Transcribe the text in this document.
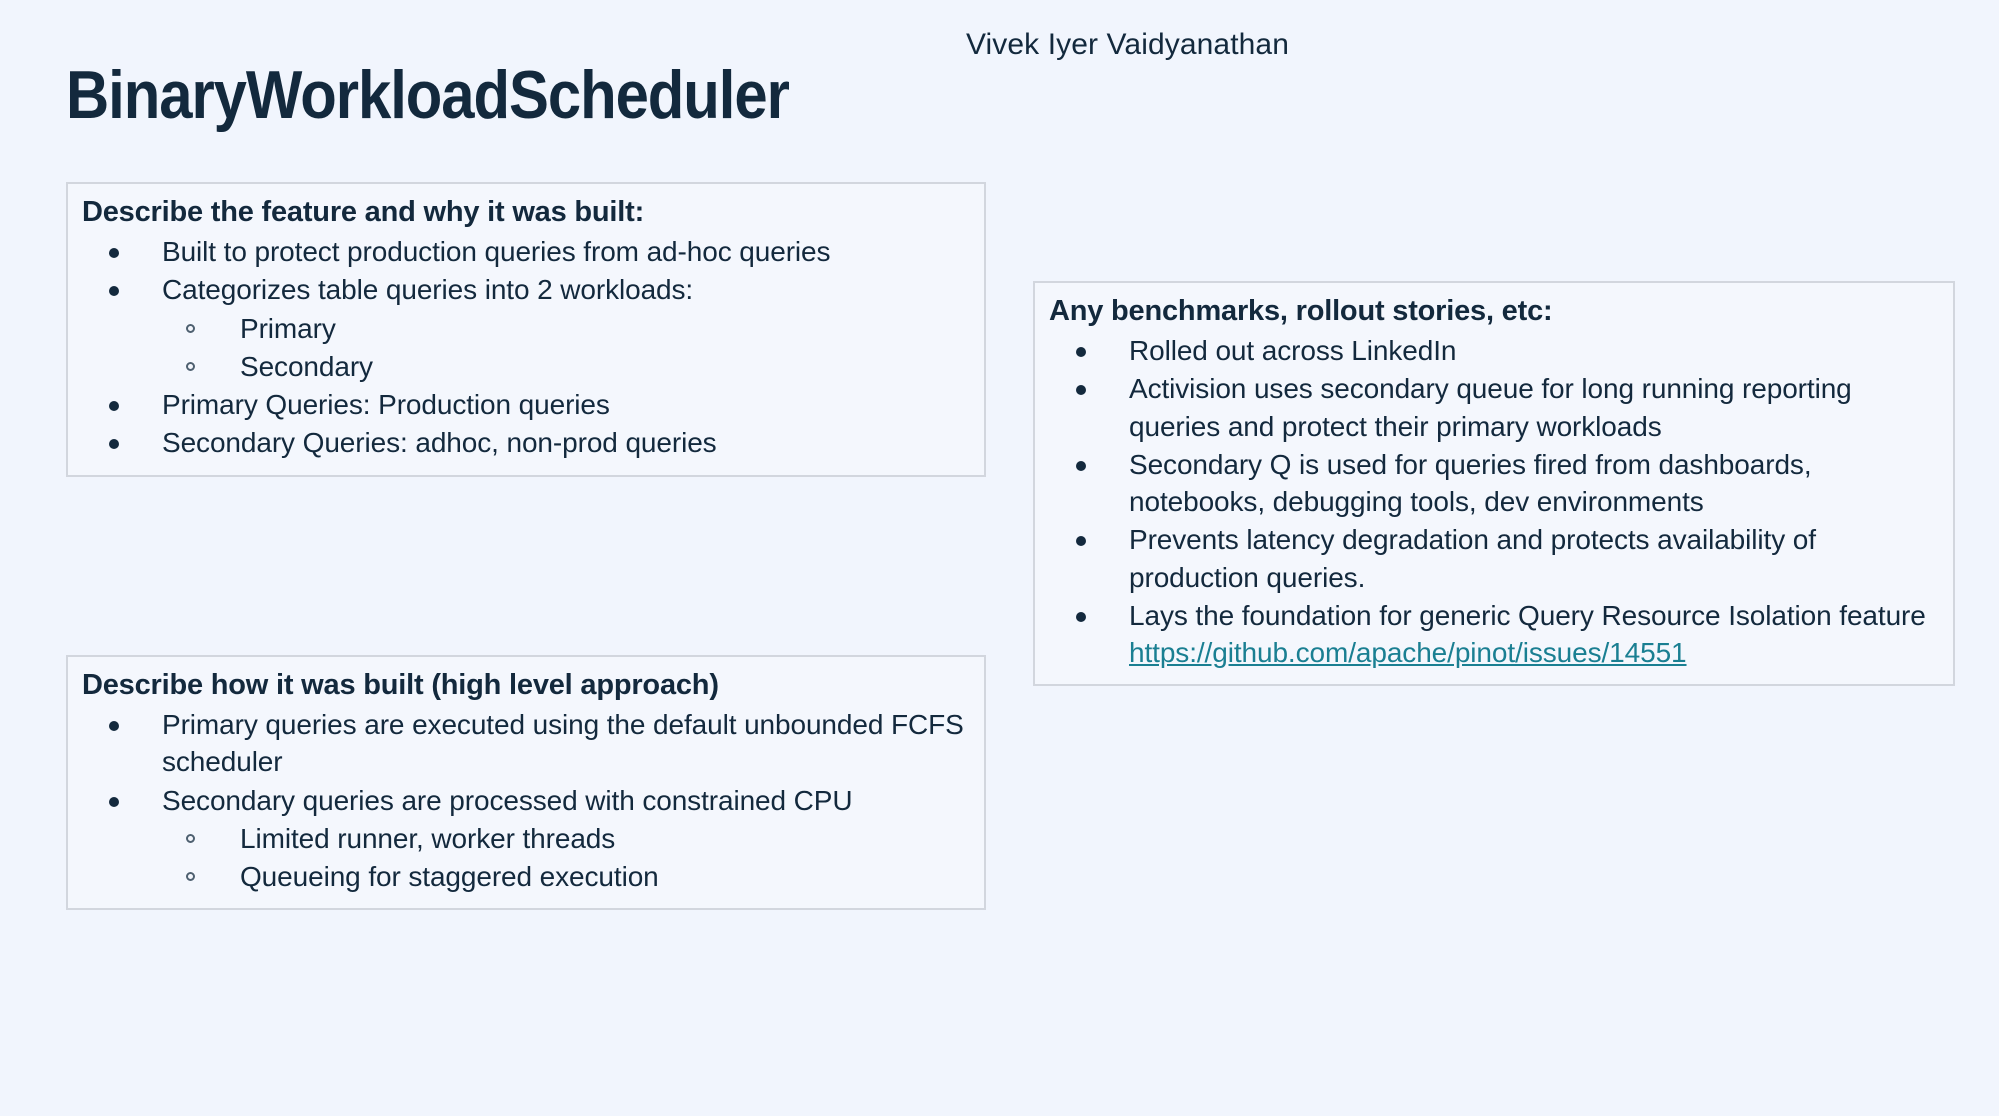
Vivek Iyer Vaidyanathan
BinaryWorkloadScheduler
Describe the feature and why it was built:
Built to protect production queries from ad-hoc queries
Categorizes table queries into 2 workloads:
Primary
Secondary
Primary Queries: Production queries
Secondary Queries: adhoc, non-prod queries
Describe how it was built (high level approach)
Primary queries are executed using the default unbounded FCFS scheduler
Secondary queries are processed with constrained CPU
Limited runner, worker threads
Queueing for staggered execution
Any benchmarks, rollout stories, etc:
Rolled out across LinkedIn
Activision uses secondary queue for long running reporting queries and protect their primary workloads
Secondary Q is used for queries fired from dashboards, notebooks, debugging tools, dev environments
Prevents latency degradation and protects availability of production queries.
Lays the foundation for generic Query Resource Isolation feature
https://github.com/apache/pinot/issues/14551
